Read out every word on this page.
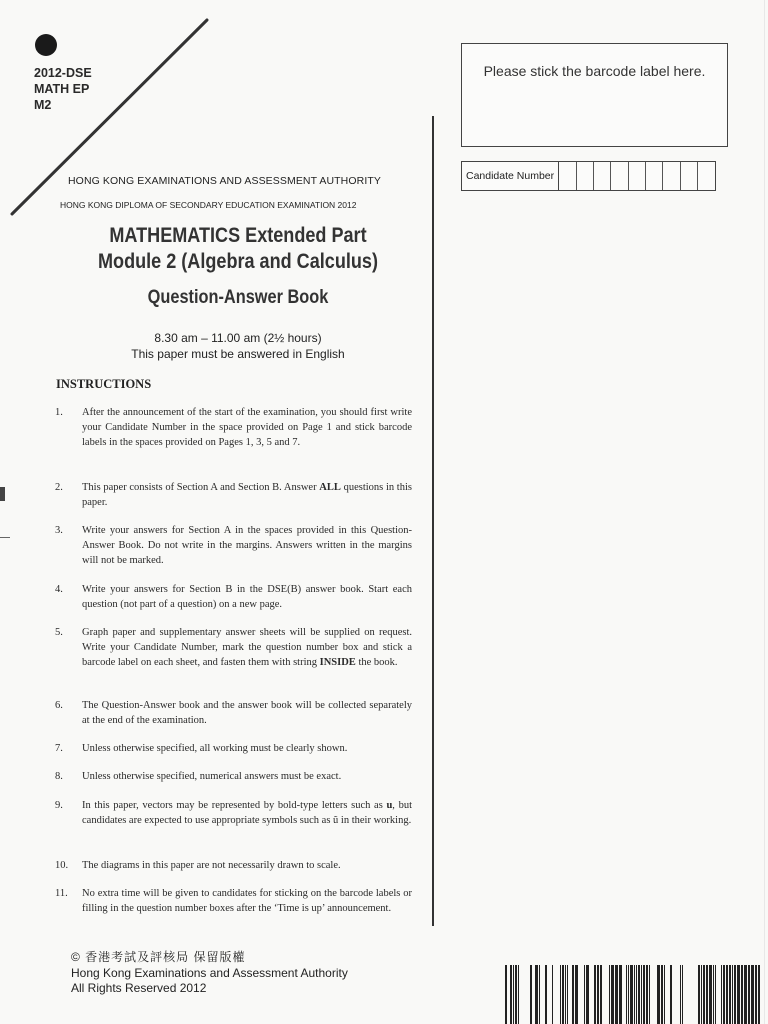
2012-DSE
MATH EP
M2
Please stick the barcode label here.
Candidate Number
HONG KONG EXAMINATIONS AND ASSESSMENT AUTHORITY
HONG KONG DIPLOMA OF SECONDARY EDUCATION EXAMINATION 2012
MATHEMATICS Extended Part
Module 2 (Algebra and Calculus)
Question-Answer Book
8.30 am – 11.00 am (2½ hours)
This paper must be answered in English
INSTRUCTIONS
1. After the announcement of the start of the examination, you should first write your Candidate Number in the space provided on Page 1 and stick barcode labels in the spaces provided on Pages 1, 3, 5 and 7.
2. This paper consists of Section A and Section B. Answer ALL questions in this paper.
3. Write your answers for Section A in the spaces provided in this Question-Answer Book. Do not write in the margins. Answers written in the margins will not be marked.
4. Write your answers for Section B in the DSE(B) answer book. Start each question (not part of a question) on a new page.
5. Graph paper and supplementary answer sheets will be supplied on request. Write your Candidate Number, mark the question number box and stick a barcode label on each sheet, and fasten them with string INSIDE the book.
6. The Question-Answer book and the answer book will be collected separately at the end of the examination.
7. Unless otherwise specified, all working must be clearly shown.
8. Unless otherwise specified, numerical answers must be exact.
9. In this paper, vectors may be represented by bold-type letters such as u, but candidates are expected to use appropriate symbols such as ũ in their working.
10. The diagrams in this paper are not necessarily drawn to scale.
11. No extra time will be given to candidates for sticking on the barcode labels or filling in the question number boxes after the ‘Time is up’ announcement.
© 香港考試及評核局 保留版權
Hong Kong Examinations and Assessment Authority
All Rights Reserved 2012
